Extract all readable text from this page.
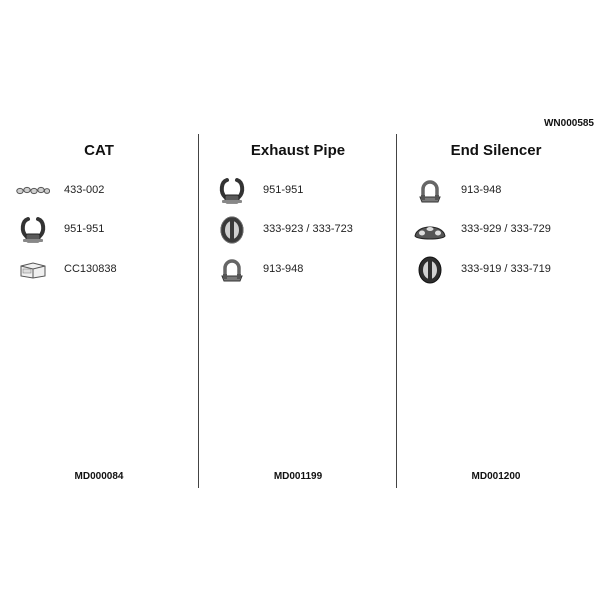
WN000585
CAT
433-002
951-951
CC130838
MD000084
Exhaust Pipe
951-951
333-923 / 333-723
913-948
MD001199
End Silencer
913-948
333-929 / 333-729
333-919 / 333-719
MD001200
